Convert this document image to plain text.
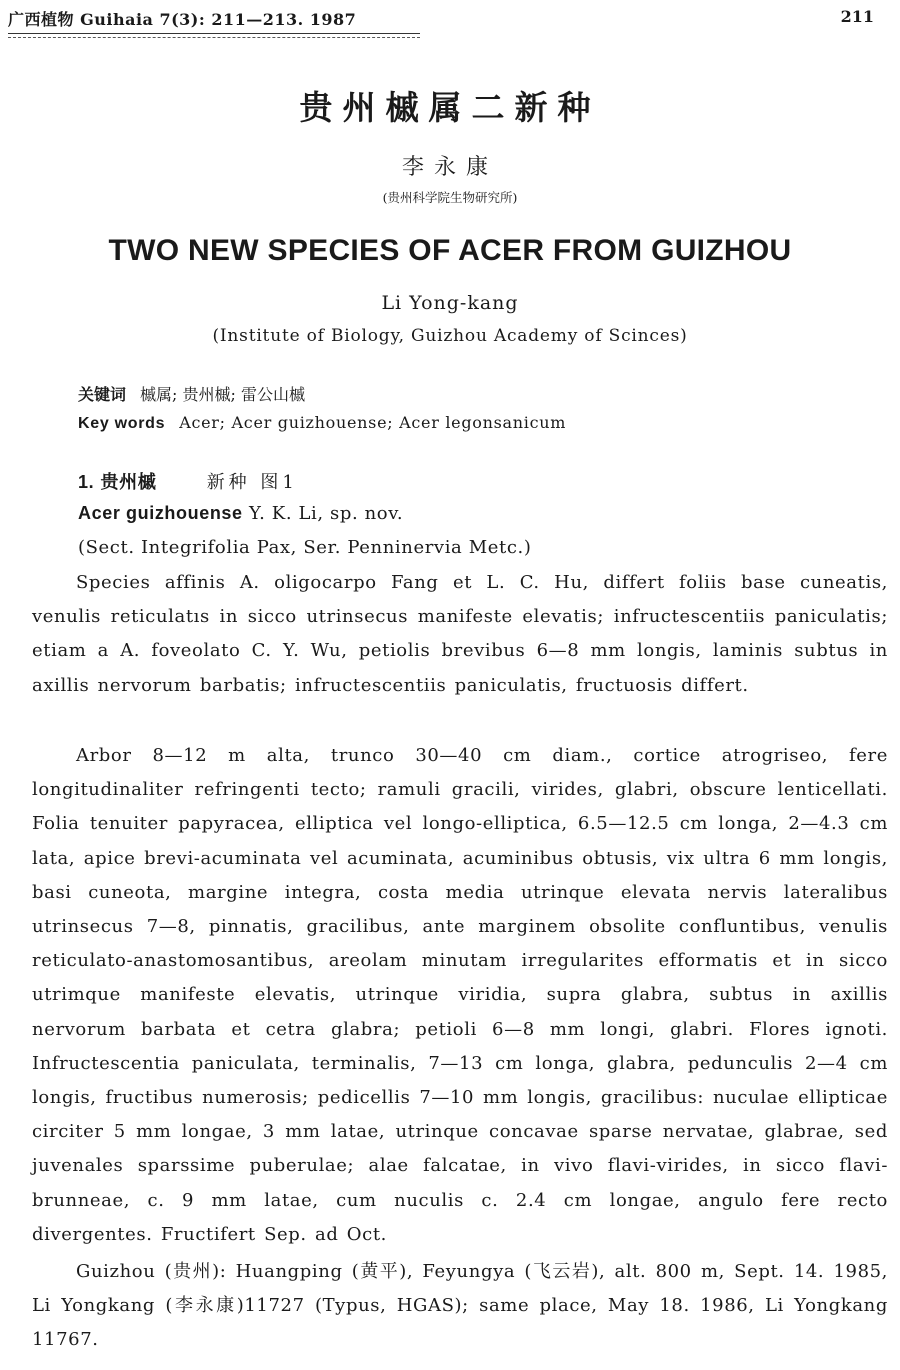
广西植物 Guihaia 7(3): 211—213. 1987	211
贵州槭属二新种
李永康
(贵州科学院生物研究所)
TWO NEW SPECIES OF ACER FROM GUIZHOU
Li Yong-kang
(Institute of Biology, Guizhou Academy of Scinces)
关键词 槭属; 贵州槭; 雷公山槭
Key words Acer; Acer guizhouense; Acer legonsanicum
1. 贵州槭	新种 图1
Acer guizhouense Y. K. Li, sp. nov.
(Sect. Integrifolia Pax, Ser. Penninervia Metc.)

Species affinis A. oligocarpo Fang et L. C. Hu, differt foliis base cuneatis, venulis reticulatıs in sicco utrinsecus manifeste elevatis; infructescentiis paniculatis; etiam a A. foveolato C. Y. Wu, petiolis brevibus 6—8 mm longis, laminis subtus in axillis nervorum barbatis; infructescentiis paniculatis, fructuosis differt.

Arbor 8—12 m alta, trunco 30—40 cm diam., cortice atrogriseo, fere longitudinaliter refringenti tecto; ramuli gracili, virides, glabri, obscure lenticellati. Folia tenuiter papyracea, elliptica vel longo-elliptica, 6.5—12.5 cm longa, 2—4.3 cm lata, apice brevi-acuminata vel acuminata, acuminibus obtusis, vix ultra 6 mm longis, basi cuneota, margine integra, costa media utrinque elevata nervis lateralibus utrinsecus 7—8, pinnatis, gracilibus, ante marginem obsolite confluntibus, venulis reticulato-anastomosantibus, areolam minutam irregularites efformatis et in sicco utrimque manifeste elevatis, utrinque viridia, supra glabra, subtus in axillis nervorum barbata et cetra glabra; petioli 6—8 mm longi, glabri. Flores ignoti. Infructescentia paniculata, terminalis, 7—13 cm longa, glabra, pedunculis 2—4 cm longis, fructibus numerosis; pedicellis 7—10 mm longis, gracilibus: nuculae ellipticae circiter 5 mm longae, 3 mm latae, utrinque concavae sparse nervatae, glabrae, sed juvenales sparssime puberulae; alae falcatae, in vivo flavi-virides, in sicco flavi-brunneae, c. 9 mm latae, cum nuculis c. 2.4 cm longae, angulo fere recto divergentes. Fructifert Sep. ad Oct.

Guizhou (贵州): Huangping (黄平), Feyungya (飞云岩), alt. 800 m, Sept. 14. 1985, Li Yongkang (李永康)11727 (Typus, HGAS); same place, May 18. 1986, Li Yongkang 11767.
